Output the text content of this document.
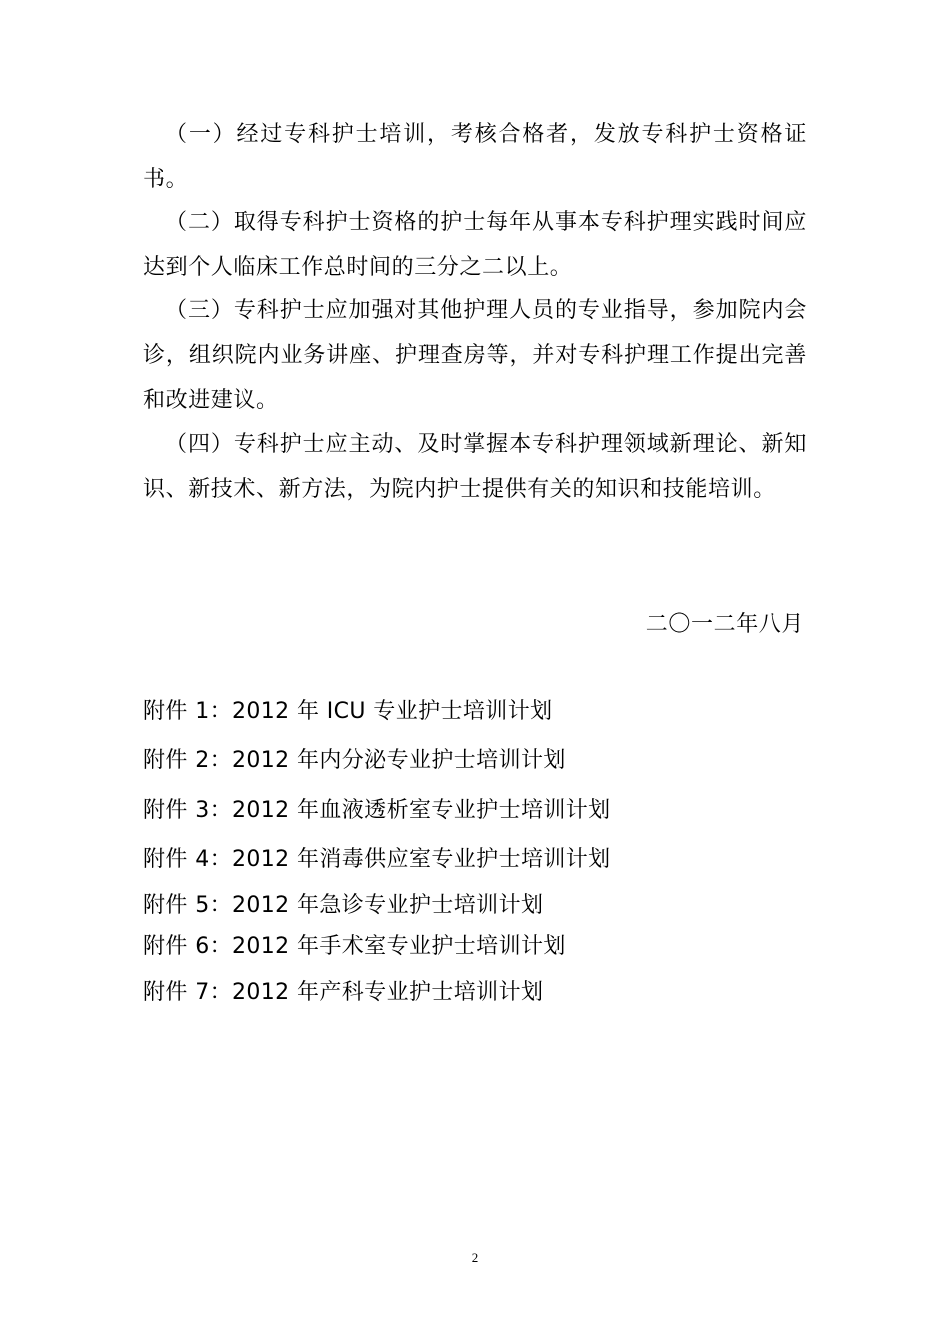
（一）经过专科护士培训，考核合格者，发放专科护士资格证书。
（二）取得专科护士资格的护士每年从事本专科护理实践时间应达到个人临床工作总时间的三分之二以上。
（三）专科护士应加强对其他护理人员的专业指导，参加院内会诊，组织院内业务讲座、护理查房等，并对专科护理工作提出完善和改进建议。
（四）专科护士应主动、及时掌握本专科护理领域新理论、新知识、新技术、新方法，为院内护士提供有关的知识和技能培训。
二〇一二年八月
附件 1：2012 年 ICU 专业护士培训计划
附件 2：2012 年内分泌专业护士培训计划
附件 3：2012 年血液透析室专业护士培训计划
附件 4：2012 年消毒供应室专业护士培训计划
附件 5：2012 年急诊专业护士培训计划
附件 6：2012 年手术室专业护士培训计划
附件 7：2012 年产科专业护士培训计划
2
